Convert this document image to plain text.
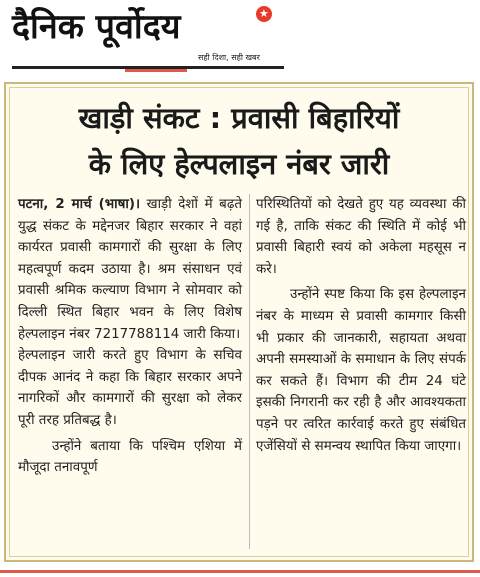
दैनिक पूर्वोदय	★
सही दिशा, सही खबर
खाड़ी संकट : प्रवासी बिहारियों
के लिए हेल्पलाइन नंबर जारी

पटना, 2 मार्च (भाषा)। खाड़ी देशों में बढ़ते युद्ध संकट के मद्देनजर बिहार सरकार ने वहां कार्यरत प्रवासी कामगारों की सुरक्षा के लिए महत्वपूर्ण कदम उठाया है। श्रम संसाधन एवं प्रवासी श्रमिक कल्याण विभाग ने सोमवार को दिल्ली स्थित बिहार भवन के लिए विशेष हेल्पलाइन नंबर 7217788114 जारी किया।

हेल्पलाइन जारी करते हुए विभाग के सचिव दीपक आनंद ने कहा कि बिहार सरकार अपने नागरिकों और कामगारों की सुरक्षा को लेकर पूरी तरह प्रतिबद्ध है।

उन्होंने बताया कि पश्चिम एशिया में मौजूदा तनावपूर्ण

परिस्थितियों को देखते हुए यह व्यवस्था की गई है, ताकि संकट की स्थिति में कोई भी प्रवासी बिहारी स्वयं को अकेला महसूस न करे।

उन्होंने स्पष्ट किया कि इस हेल्पलाइन नंबर के माध्यम से प्रवासी कामगार किसी भी प्रकार की जानकारी, सहायता अथवा अपनी समस्याओं के समाधान के लिए संपर्क कर सकते हैं। विभाग की टीम 24 घंटे इसकी निगरानी कर रही है और आवश्यकता पड़ने पर त्वरित कार्रवाई करते हुए संबंधित एजेंसियों से समन्वय स्थापित किया जाएगा।
